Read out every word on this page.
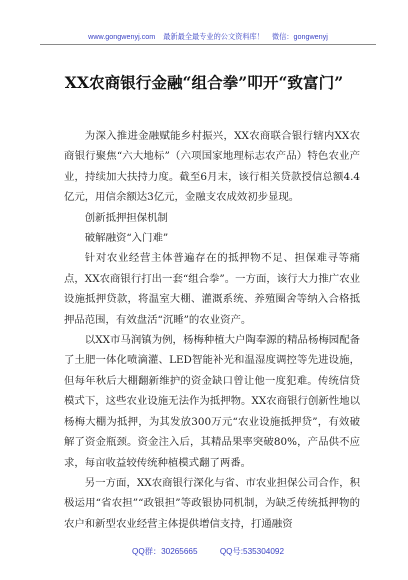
www.gongwenyj.com 最新最全最专业的公文资料库！ 微信：gongwenyj
XX农商银行金融“组合拳”叩开“致富门”

为深入推进金融赋能乡村振兴，XX农商联合银行辖内XX农商银行聚焦“六大地标”（六项国家地理标志农产品）特色农业产业，持续加大扶持力度。截至6月末，该行相关贷款授信总额4.4亿元，用信余额达3亿元，金融支农成效初步显现。

创新抵押担保机制

破解融资“入门难”

针对农业经营主体普遍存在的抵押物不足、担保难寻等痛点，XX农商银行打出一套“组合拳”。一方面，该行大力推广农业设施抵押贷款，将温室大棚、灌溉系统、养殖圈舍等纳入合格抵押品范围，有效盘活“沉睡”的农业资产。

以XX市马润镇为例，杨梅种植大户陶奉源的精品杨梅园配备了土肥一体化喷滴灌、LED智能补光和温湿度调控等先进设施，但每年秋后大棚翻新维护的资金缺口曾让他一度犯难。传统信贷模式下，这些农业设施无法作为抵押物。XX农商银行创新性地以杨梅大棚为抵押，为其发放300万元“农业设施抵押贷”，有效破解了资金瓶颈。资金注入后，其精品果率突破80%，产品供不应求，每亩收益较传统种植模式翻了两番。

另一方面，XX农商银行深化与省、市农业担保公司合作，积极运用“省农担”“政银担”等政银协同机制，为缺乏传统抵押物的农户和新型农业经营主体提供增信支持，打通融资

QQ群：30265665	QQ号:535304092
